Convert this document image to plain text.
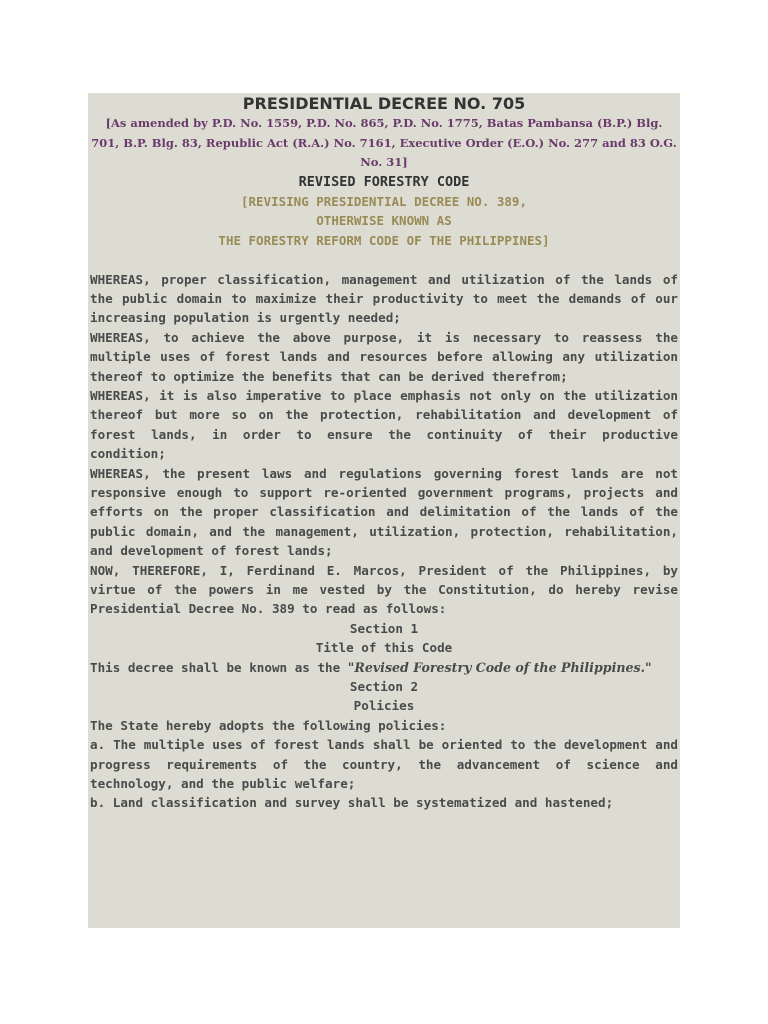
PRESIDENTIAL DECREE NO. 705

[As amended by P.D. No. 1559, P.D. No. 865, P.D. No. 1775, Batas Pambansa (B.P.) Blg. 701, B.P. Blg. 83, Republic Act (R.A.) No. 7161, Executive Order (E.O.) No. 277 and 83 O.G. No. 31]

REVISED FORESTRY CODE

[REVISING PRESIDENTIAL DECREE NO. 389,

OTHERWISE KNOWN AS

THE FORESTRY REFORM CODE OF THE PHILIPPINES]

WHEREAS, proper classification, management and utilization of the lands of the public domain to maximize their productivity to meet the demands of our increasing population is urgently needed;

WHEREAS, to achieve the above purpose, it is necessary to reassess the multiple uses of forest lands and resources before allowing any utilization thereof to optimize the benefits that can be derived therefrom;

WHEREAS, it is also imperative to place emphasis not only on the utilization thereof but more so on the protection, rehabilitation and development of forest lands, in order to ensure the continuity of their productive condition;

WHEREAS, the present laws and regulations governing forest lands are not responsive enough to support re-oriented government programs, projects and efforts on the proper classification and delimitation of the lands of the public domain, and the management, utilization, protection, rehabilitation, and development of forest lands;

NOW, THEREFORE, I, Ferdinand E. Marcos, President of the Philippines, by virtue of the powers in me vested by the Constitution, do hereby revise Presidential Decree No. 389 to read as follows:

Section 1

Title of this Code

This decree shall be known as the "Revised Forestry Code of the Philippines."

Section 2

Policies

The State hereby adopts the following policies:

a. The multiple uses of forest lands shall be oriented to the development and progress requirements of the country, the advancement of science and technology, and the public welfare;

b. Land classification and survey shall be systematized and hastened;
